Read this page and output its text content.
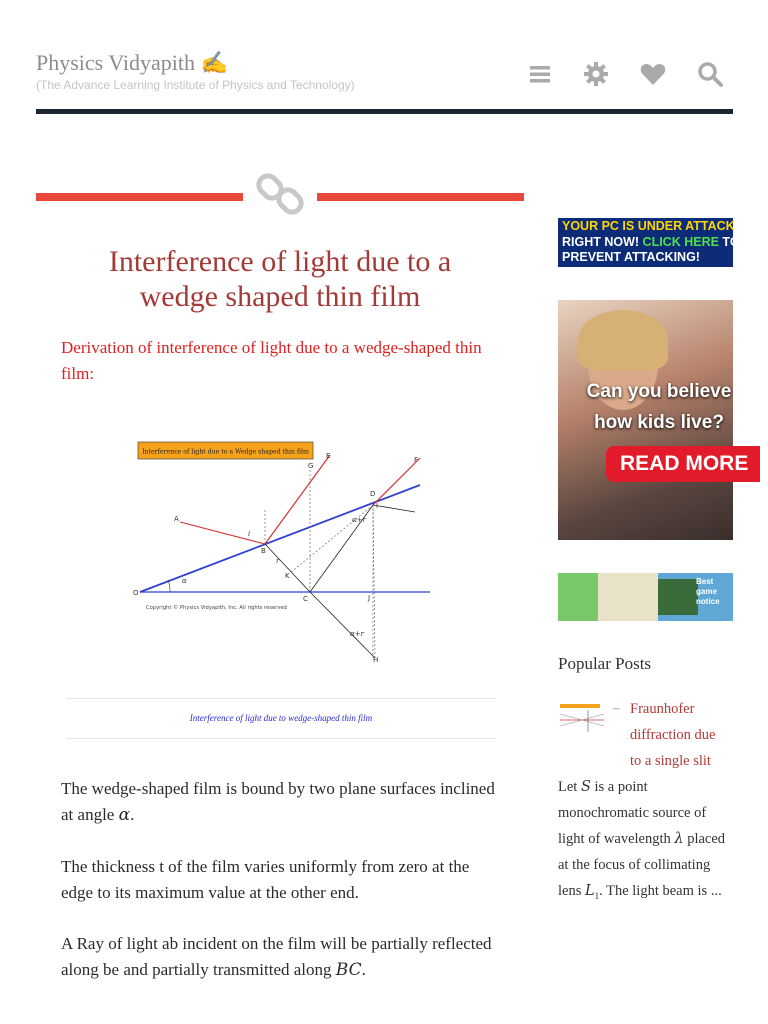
Physics Vidyapith ✍
(The Advance Learning Institute of Physics and Technology)
Interference of light due to a wedge shaped thin film
Derivation of interference of light due to a wedge-shaped thin film:
Interference of light due to a Wedge shaped thin film
A
B
C
D
E	F
G
H
I
J
K
O
α
i
r
α+r
α+r
Copyright © Physics Vidyapith, Inc. All rights reserved
Interference of light due to wedge-shaped thin film
The wedge-shaped film is bound by two plane surfaces inclined at angle α.
The thickness t of the film varies uniformly from zero at the edge to its maximum value at the other end.
A Ray of light ab incident on the film will be partially reflected along be and partially transmitted along BC.
YOUR PC IS UNDER ATTACK
RIGHT NOW! CLICK HERE TO
PREVENT ATTACKING!
Can you believe how kids live?
READ MORE
Best game notice
Popular Posts
– Fraunhofer diffraction due to a single slit
Let S is a point monochromatic source of light of wavelength λ placed at the focus of collimating lens $L_1$. The light beam is ...
